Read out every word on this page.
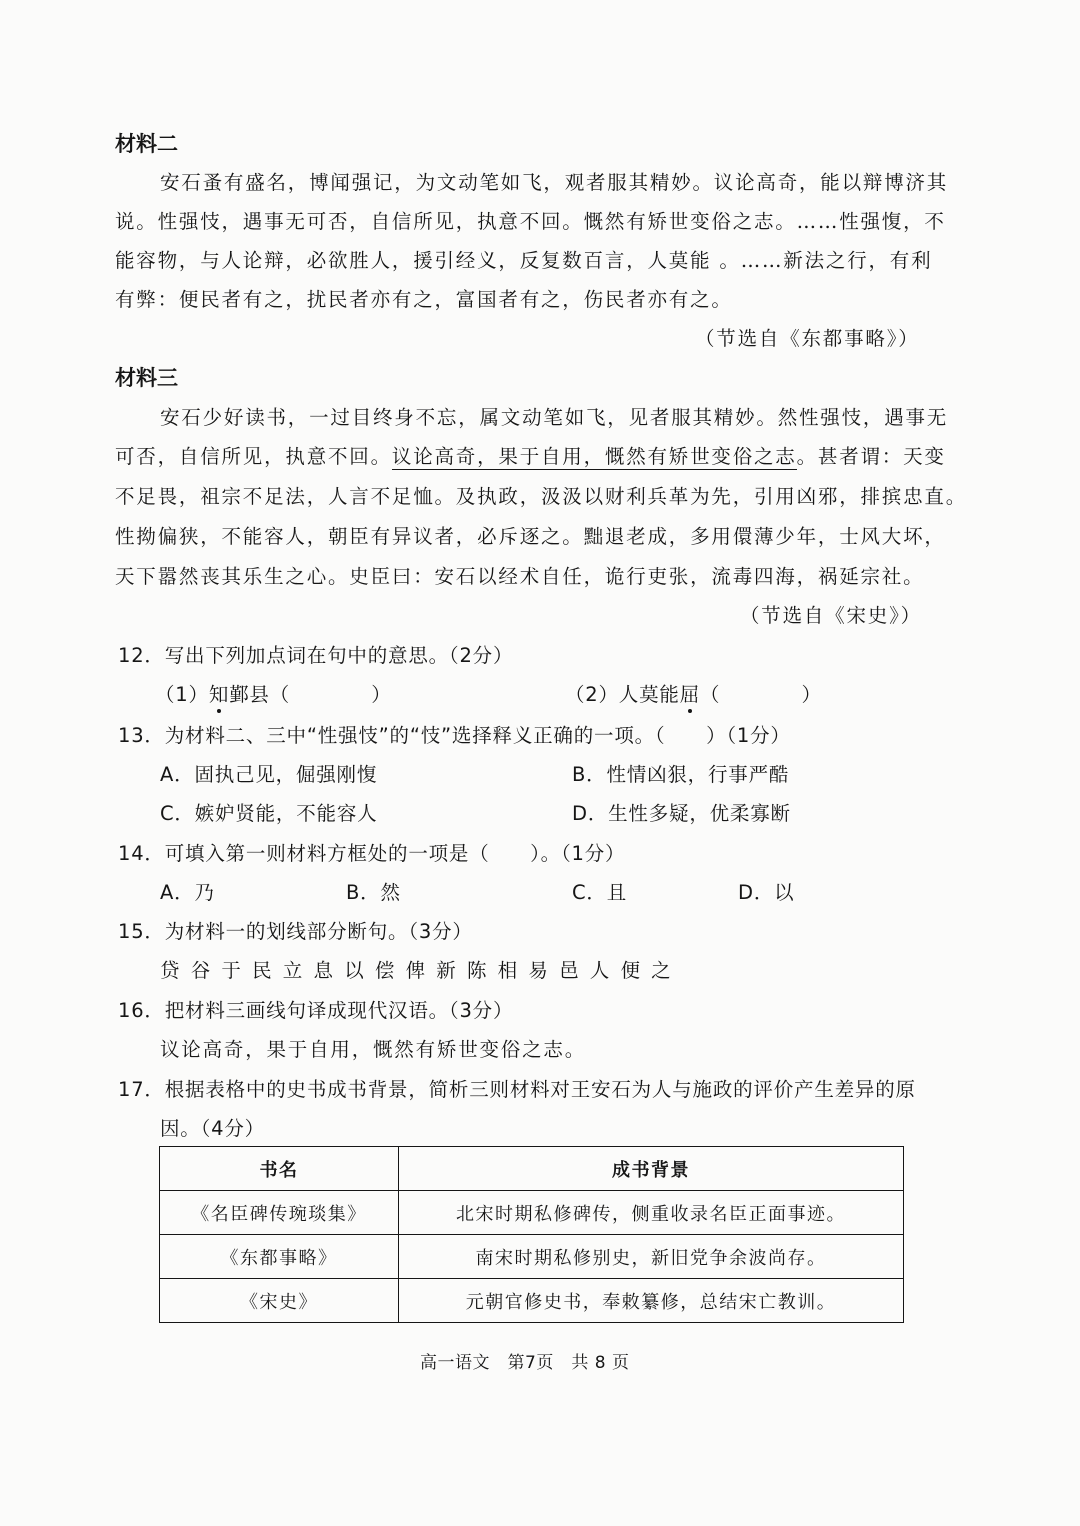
材料二
安石蚤有盛名，博闻强记，为文动笔如飞，观者服其精妙。议论高奇，能以辩博济其
说。性强忮，遇事无可否，自信所见，执意不回。慨然有矫世变俗之志。……性强愎，不
能容物，与人论辩，必欲胜人，援引经义，反复数百言，人莫能 。……新法之行，有利
有弊：便民者有之，扰民者亦有之，富国者有之，伤民者亦有之。
（节选自《东都事略》）
材料三
安石少好读书，一过目终身不忘，属文动笔如飞，见者服其精妙。然性强忮，遇事无
可否，自信所见，执意不回。议论高奇，果于自用，慨然有矫世变俗之志。甚者谓：天变
不足畏，祖宗不足法，人言不足恤。及执政，汲汲以财利兵革为先，引用凶邪，排摈忠直。
性拗偏狭，不能容人，朝臣有异议者，必斥逐之。黜退老成，多用儇薄少年，士风大坏，
天下嚣然丧其乐生之心。史臣曰：安石以经术自任，诡行吏张，流毒四海，祸延宗社。
（节选自《宋史》）
12．写出下列加点词在句中的意思。（2分）
（1）知鄞县（　　　　）	（2）人莫能屈（　　　　）
13．为材料二、三中“性强忮”的“忮”选择释义正确的一项。（　　）（1分）
A．固执己见，倔强刚愎	B．性情凶狠，行事严酷
C．嫉妒贤能，不能容人	D．生性多疑，优柔寡断
14．可填入第一则材料方框处的一项是（　　）。（1分）
A．乃	B．然	C．且	D．以
15．为材料一的划线部分断句。（3分）
贷 谷 于 民 立 息 以 偿 俾 新 陈 相 易 邑 人 便 之
16．把材料三画线句译成现代汉语。（3分）
议论高奇，果于自用，慨然有矫世变俗之志。
17．根据表格中的史书成书背景，简析三则材料对王安石为人与施政的评价产生差异的原
因。（4分）
书名	成书背景
《名臣碑传琬琰集》	北宋时期私修碑传，侧重收录名臣正面事迹。
《东都事略》	南宋时期私修别史，新旧党争余波尚存。
《宋史》	元朝官修史书，奉敕纂修，总结宋亡教训。
高一语文　第7页　共 8 页
